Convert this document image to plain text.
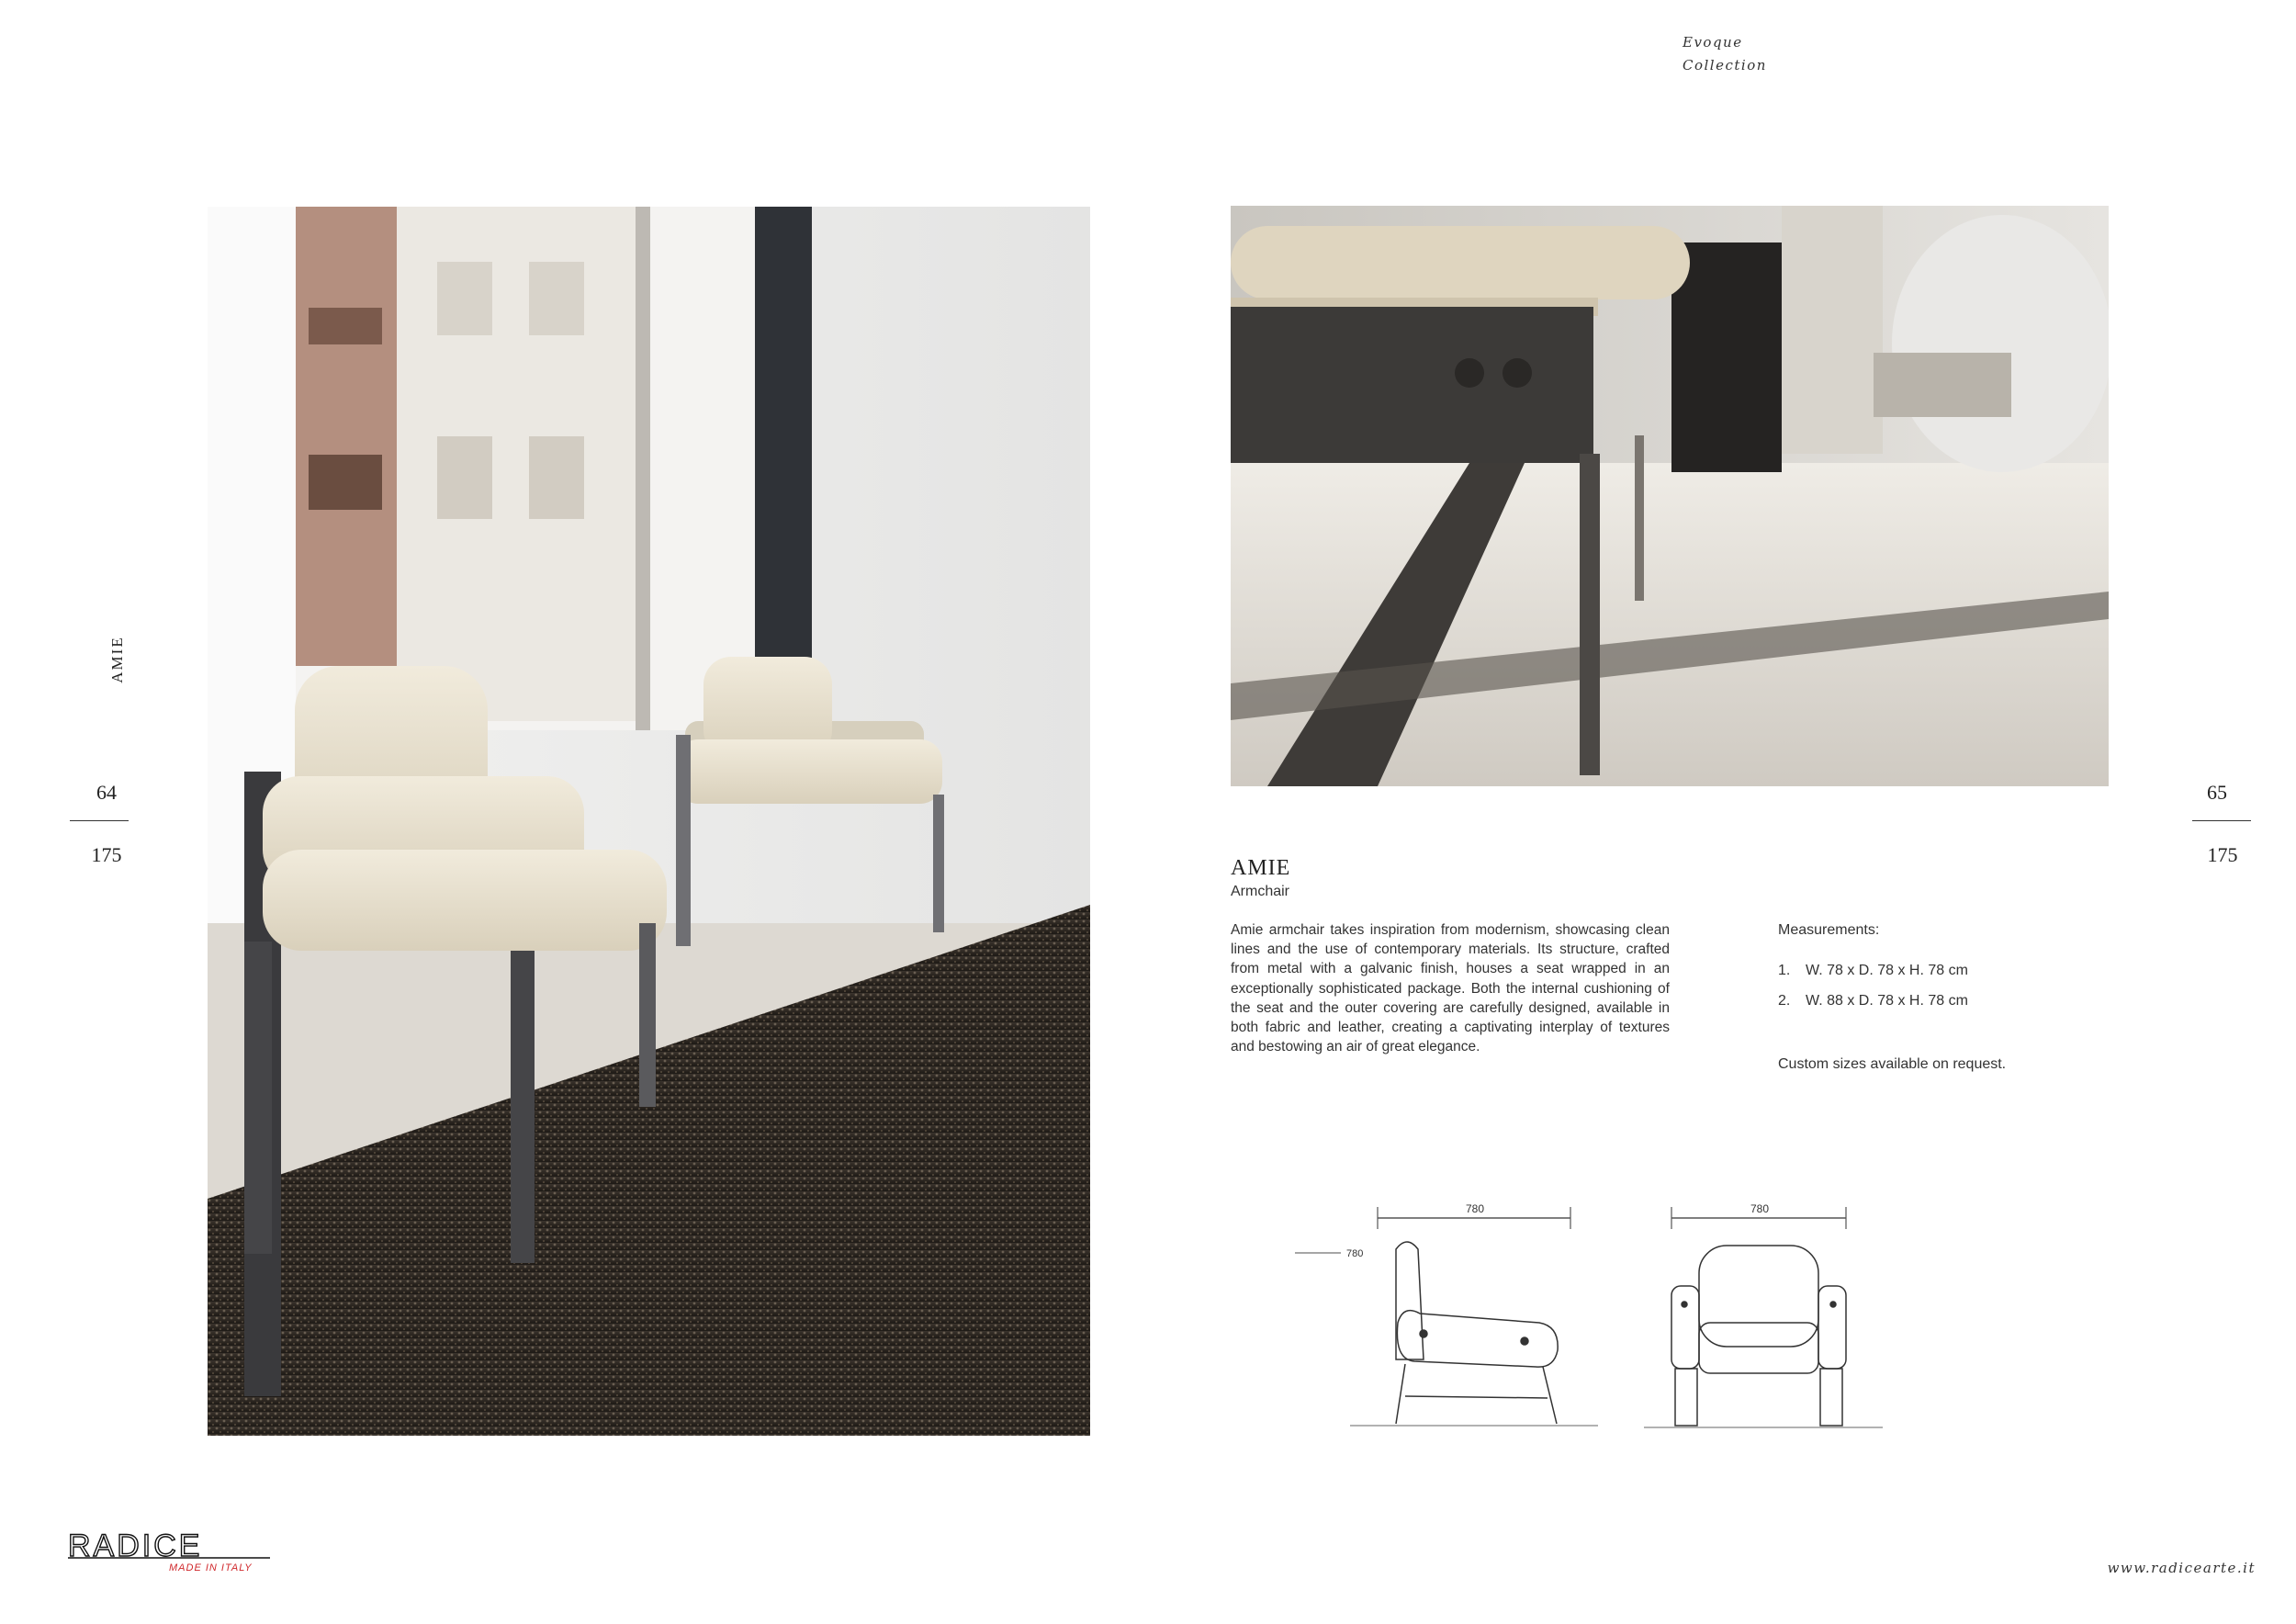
Evoque
Collection
AMIE
64
175
65
175
AMIE
Armchair
Amie armchair takes inspiration from modernism, showcasing clean lines and the use of contemporary materials. Its structure, crafted from metal with a galvanic finish, houses a seat wrapped in an exceptionally sophisticated package. Both the internal cushioning of the seat and the outer covering are carefully designed, available in both fabric and leather, creating a captivating interplay of textures and bestowing an air of great elegance.
Measurements:
1.	W. 78 x D. 78 x H. 78 cm
2.	W. 88 x D. 78 x H. 78 cm
Custom sizes available on request.
780
780
780
RADICE
MADE IN ITALY	www.radicearte.it
